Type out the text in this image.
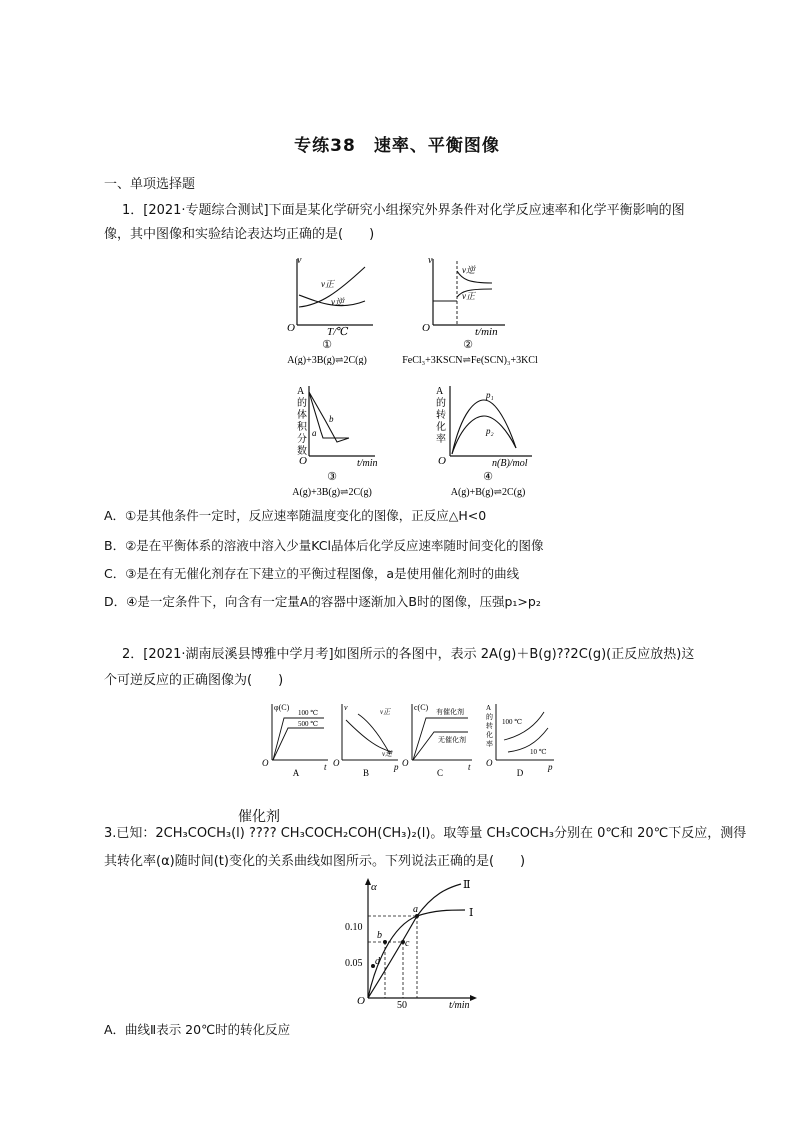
专练38　速率、平衡图像
一、单项选择题
1．[2021·专题综合测试]下面是某化学研究小组探究外界条件对化学反应速率和化学平衡影响的图
像，其中图像和实验结论表达均正确的是(　　)
v
O	T/℃
v正
v逆
①
A(g)+3B(g)⇌2C(g)
v
O	t/min
v逆
v正
②
FeCl₃+3KSCN⇌Fe(SCN)₃+3KCl
A
的
体
积
分
数
O	t/min
a
b
③
A(g)+3B(g)⇌2C(g)
A
的
转
化
率
O	n(B)/mol
p₁
p₂
④
A(g)+B(g)⇌2C(g)
A．①是其他条件一定时，反应速率随温度变化的图像，正反应△H<0
B．②是在平衡体系的溶液中溶入少量KCl晶体后化学反应速率随时间变化的图像
C．③是在有无催化剂存在下建立的平衡过程图像，a是使用催化剂时的曲线
D．④是一定条件下，向含有一定量A的容器中逐渐加入B时的图像，压强p₁>p₂
2．[2021·湖南辰溪县博雅中学月考]如图所示的各图中，表示 2A(g)＋B(g)??2C(g)(正反应放热)这
个可逆反应的正确图像为(　　)
φ(C)
O	t
100 ℃
500 ℃
A
v
O	p
v正
v逆
B
c(C)
O	t
有催化剂
无催化剂
C
A
的
转
化
率
O	p
100 ℃
10 ℃
D
催化剂
3.已知：2CH₃COCH₃(l) ???? CH₃COCH₂COH(CH₃)₂(l)。取等量 CH₃COCH₃分别在 0℃和 20℃下反应，测得
其转化率(α)随时间(t)变化的关系曲线如图所示。下列说法正确的是(　　)
α
O	t/min
0.10
0.05
50
a
b
c
d
Ⅰ
Ⅱ
A．曲线Ⅱ表示 20℃时的转化反应
